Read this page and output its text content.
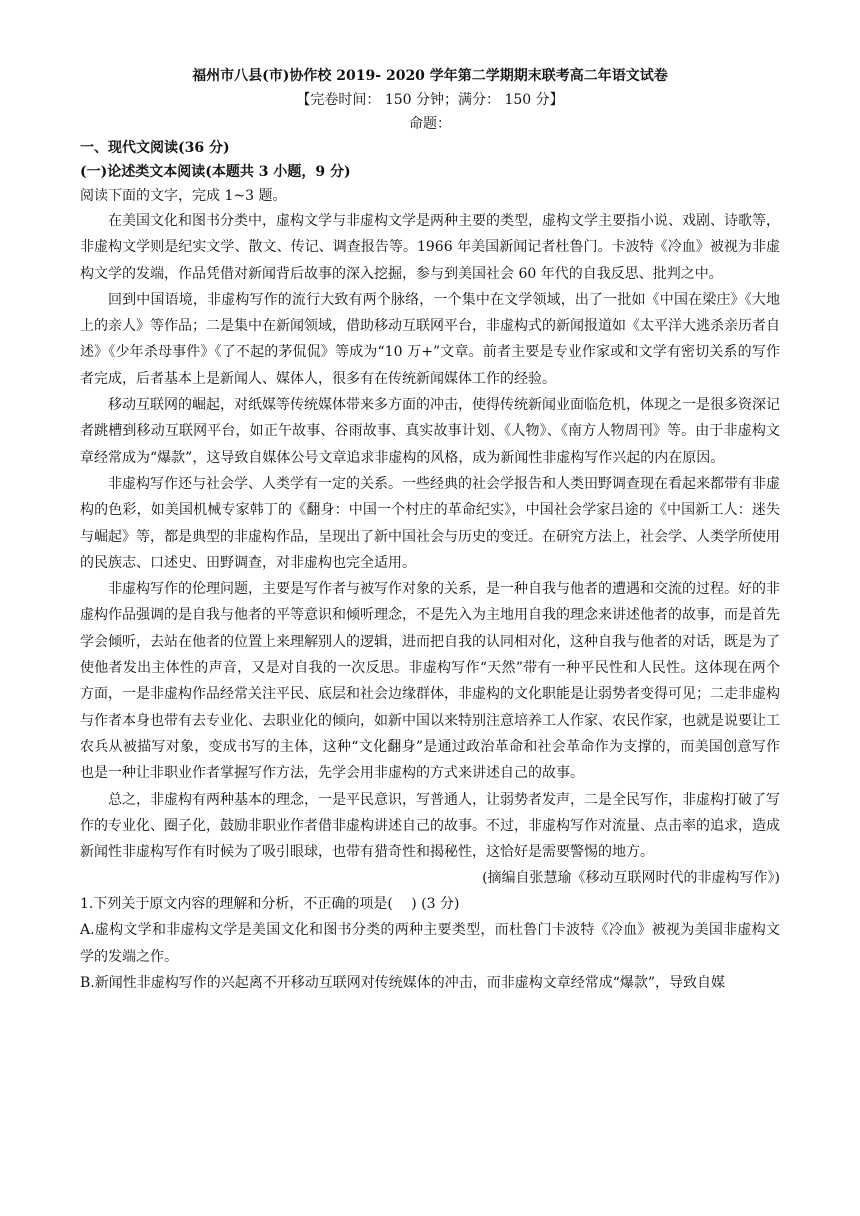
福州市八县(市)协作校 2019- 2020 学年第二学期期末联考高二年语文试卷

【完卷时间： 150 分钟；满分： 150 分】

命题：

一、现代文阅读(36 分)

(一)论述类文本阅读(本题共 3 小题，9 分)

阅读下面的文字，完成 1~3 题。

在美国文化和图书分类中，虚构文学与非虚构文学是两种主要的类型，虚构文学主要指小说、戏剧、诗歌等，非虚构文学则是纪实文学、散文、传记、调查报告等。1966 年美国新闻记者杜鲁门。卡波特《冷血》被视为非虚构文学的发端，作品凭借对新闻背后故事的深入挖掘，参与到美国社会 60 年代的自我反思、批判之中。

回到中国语境，非虚构写作的流行大致有两个脉络，一个集中在文学领域，出了一批如《中国在梁庄》《大地上的亲人》等作品；二是集中在新闻领域，借助移动互联网平台，非虚构式的新闻报道如《太平洋大逃杀亲历者自述》《少年杀母事件》《了不起的茅侃侃》等成为“10 万+”文章。前者主要是专业作家或和文学有密切关系的写作者完成，后者基本上是新闻人、媒体人，很多有在传统新闻媒体工作的经验。

移动互联网的崛起，对纸媒等传统媒体带来多方面的冲击，使得传统新闻业面临危机，体现之一是很多资深记者跳槽到移动互联网平台，如正午故事、谷雨故事、真实故事计划、《人物》、《南方人物周刊》等。由于非虚构文章经常成为“爆款”，这导致自媒体公号文章追求非虚构的风格，成为新闻性非虚构写作兴起的内在原因。

非虚构写作还与社会学、人类学有一定的关系。一些经典的社会学报告和人类田野调查现在看起来都带有非虚构的色彩，如美国机械专家韩丁的《翻身：中国一个村庄的革命纪实》，中国社会学家吕途的《中国新工人：迷失与崛起》等，都是典型的非虚构作品，呈现出了新中国社会与历史的变迁。在研究方法上，社会学、人类学所使用的民族志、口述史、田野调查，对非虚构也完全适用。

非虚构写作的伦理问题，主要是写作者与被写作对象的关系，是一种自我与他者的遭遇和交流的过程。好的非虚构作品强调的是自我与他者的平等意识和倾听理念，不是先入为主地用自我的理念来讲述他者的故事，而是首先学会倾听，去站在他者的位置上来理解别人的逻辑，进而把自我的认同相对化，这种自我与他者的对话，既是为了使他者发出主体性的声音，又是对自我的一次反思。非虚构写作“天然”带有一种平民性和人民性。这体现在两个方面，一是非虚构作品经常关注平民、底层和社会边缘群体，非虚构的文化职能是让弱势者变得可见；二走非虚构与作者本身也带有去专业化、去职业化的倾向，如新中国以来特别注意培养工人作家、农民作家，也就是说要让工农兵从被描写对象，变成书写的主体，这种“文化翻身”是通过政治革命和社会革命作为支撑的，而美国创意写作也是一种让非职业作者掌握写作方法，先学会用非虚构的方式来讲述自己的故事。

总之，非虚构有两种基本的理念，一是平民意识，写普通人，让弱势者发声，二是全民写作，非虚构打破了写作的专业化、圈子化，鼓励非职业作者借非虚构讲述自己的故事。不过，非虚构写作对流量、点击率的追求，造成新闻性非虚构写作有时候为了吸引眼球，也带有猎奇性和揭秘性，这恰好是需要警惕的地方。

(摘编自张慧瑜《移动互联网时代的非虚构写作》)

1.下列关于原文内容的理解和分析，不正确的项是(　 ) (3 分)

A.虚构文学和非虚构文学是美国文化和图书分类的两种主要类型，而杜鲁门卡波特《冷血》被视为美国非虚构文学的发端之作。

B.新闻性非虚构写作的兴起离不开移动互联网对传统媒体的冲击，而非虚构文章经常成“爆款”，导致自媒
